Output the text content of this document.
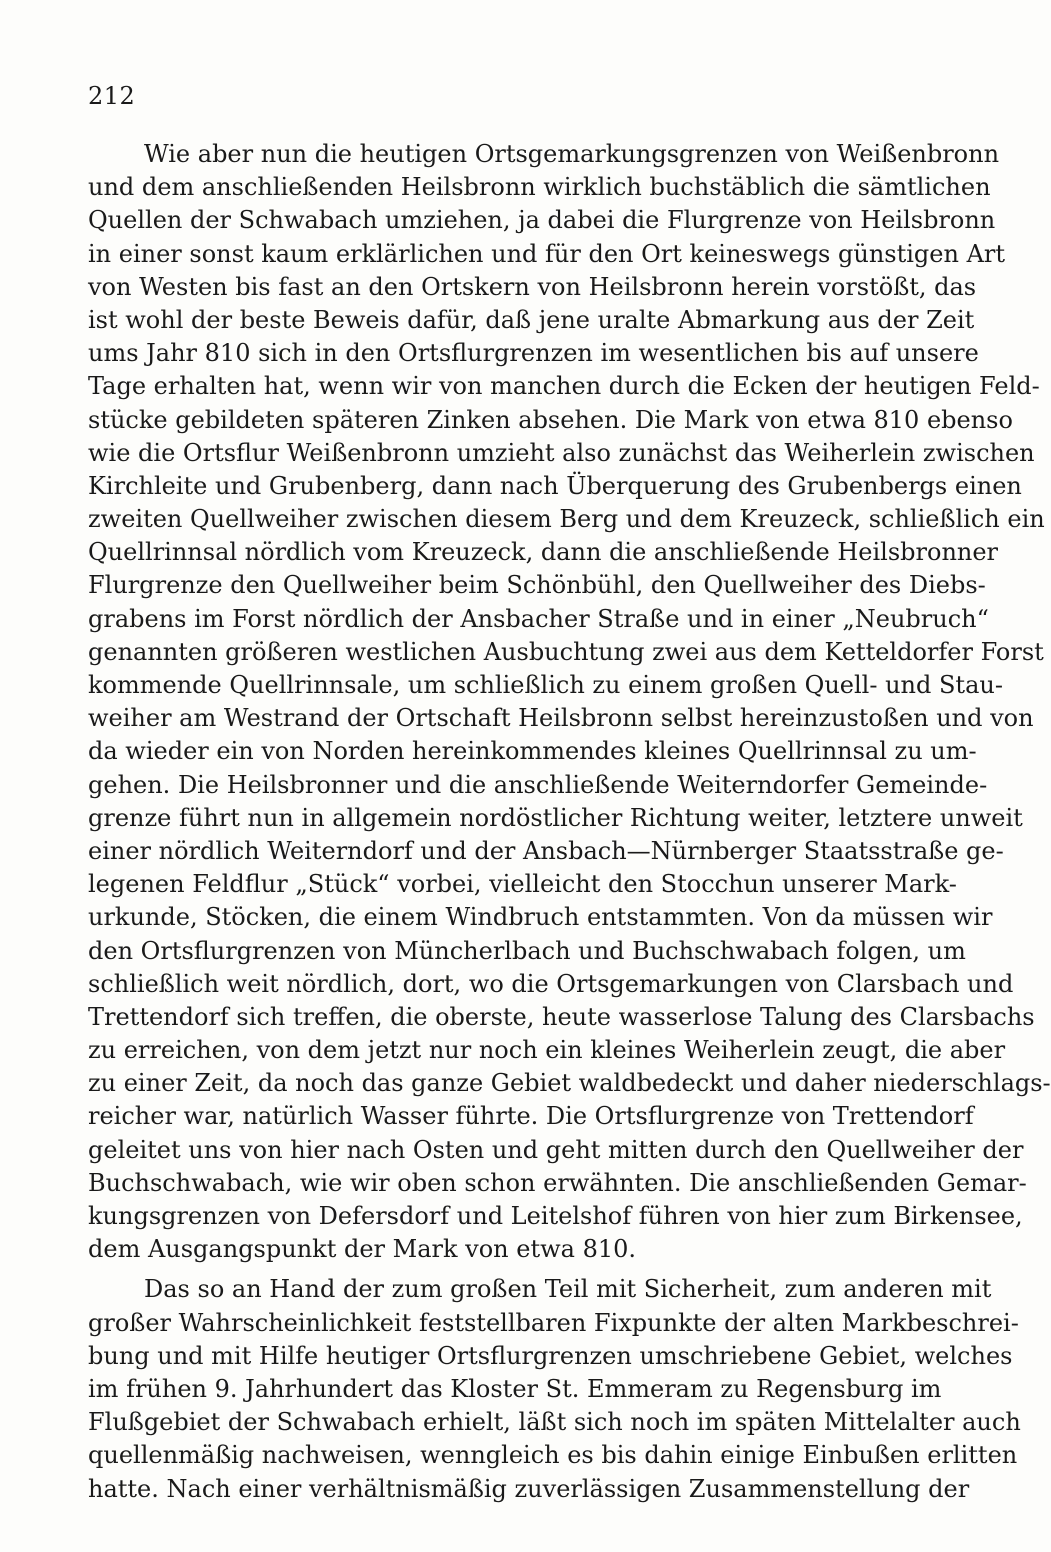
212
Wie aber nun die heutigen Ortsgemarkungsgrenzen von Weißenbronn
und dem anschließenden Heilsbronn wirklich buchstäblich die sämtlichen
Quellen der Schwabach umziehen, ja dabei die Flurgrenze von Heilsbronn
in einer sonst kaum erklärlichen und für den Ort keineswegs günstigen Art
von Westen bis fast an den Ortskern von Heilsbronn herein vorstößt, das
ist wohl der beste Beweis dafür, daß jene uralte Abmarkung aus der Zeit
ums Jahr 810 sich in den Ortsflurgrenzen im wesentlichen bis auf unsere
Tage erhalten hat, wenn wir von manchen durch die Ecken der heutigen Feld-
stücke gebildeten späteren Zinken absehen. Die Mark von etwa 810 ebenso
wie die Ortsflur Weißenbronn umzieht also zunächst das Weiherlein zwischen
Kirchleite und Grubenberg, dann nach Überquerung des Grubenbergs einen
zweiten Quellweiher zwischen diesem Berg und dem Kreuzeck, schließlich ein
Quellrinnsal nördlich vom Kreuzeck, dann die anschließende Heilsbronner
Flurgrenze den Quellweiher beim Schönbühl, den Quellweiher des Diebs-
grabens im Forst nördlich der Ansbacher Straße und in einer „Neubruch“
genannten größeren westlichen Ausbuchtung zwei aus dem Ketteldorfer Forst
kommende Quellrinnsale, um schließlich zu einem großen Quell- und Stau-
weiher am Westrand der Ortschaft Heilsbronn selbst hereinzustoßen und von
da wieder ein von Norden hereinkommendes kleines Quellrinnsal zu um-
gehen. Die Heilsbronner und die anschließende Weiterndorfer Gemeinde-
grenze führt nun in allgemein nordöstlicher Richtung weiter, letztere unweit
einer nördlich Weiterndorf und der Ansbach—Nürnberger Staatsstraße ge-
legenen Feldflur „Stück“ vorbei, vielleicht den Stocchun unserer Mark-
urkunde, Stöcken, die einem Windbruch entstammten. Von da müssen wir
den Ortsflurgrenzen von Müncherlbach und Buchschwabach folgen, um
schließlich weit nördlich, dort, wo die Ortsgemarkungen von Clarsbach und
Trettendorf sich treffen, die oberste, heute wasserlose Talung des Clarsbachs
zu erreichen, von dem jetzt nur noch ein kleines Weiherlein zeugt, die aber
zu einer Zeit, da noch das ganze Gebiet waldbedeckt und daher niederschlags-
reicher war, natürlich Wasser führte. Die Ortsflurgrenze von Trettendorf
geleitet uns von hier nach Osten und geht mitten durch den Quellweiher der
Buchschwabach, wie wir oben schon erwähnten. Die anschließenden Gemar-
kungsgrenzen von Defersdorf und Leitelshof führen von hier zum Birkensee,
dem Ausgangspunkt der Mark von etwa 810.
Das so an Hand der zum großen Teil mit Sicherheit, zum anderen mit
großer Wahrscheinlichkeit feststellbaren Fixpunkte der alten Markbeschrei-
bung und mit Hilfe heutiger Ortsflurgrenzen umschriebene Gebiet, welches
im frühen 9. Jahrhundert das Kloster St. Emmeram zu Regensburg im
Flußgebiet der Schwabach erhielt, läßt sich noch im späten Mittelalter auch
quellenmäßig nachweisen, wenngleich es bis dahin einige Einbußen erlitten
hatte. Nach einer verhältnismäßig zuverlässigen Zusammenstellung der
